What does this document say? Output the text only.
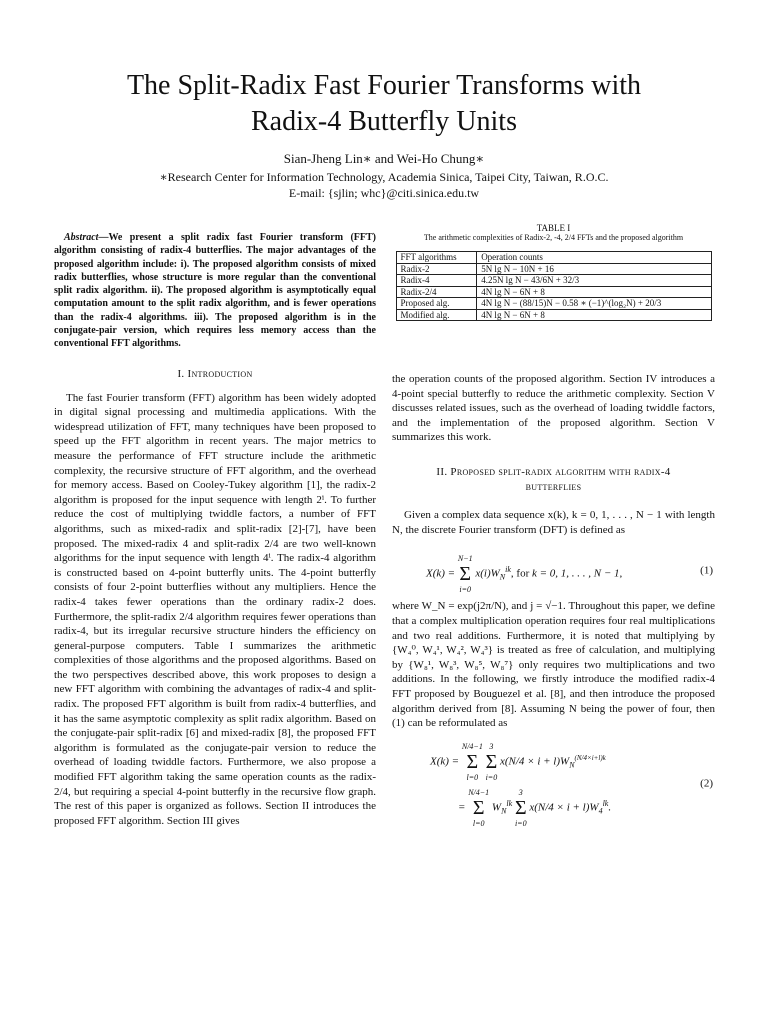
The Split-Radix Fast Fourier Transforms with
Radix-4 Butterfly Units
Sian-Jheng Lin∗ and Wei-Ho Chung∗
∗Research Center for Information Technology, Academia Sinica, Taipei City, Taiwan, R.O.C.
E-mail: {sjlin; whc}@citi.sinica.edu.tw
Abstract—We present a split radix fast Fourier transform (FFT) algorithm consisting of radix-4 butterflies. The major advantages of the proposed algorithm include: i). The proposed algorithm consists of mixed radix butterflies, whose structure is more regular than the conventional split radix algorithm. ii). The proposed algorithm is asymptotically equal computation amount to the split radix algorithm, and is fewer operations than the radix-4 algorithms. iii). The proposed algorithm is in the conjugate-pair version, which requires less memory access than the conventional FFT algorithms.
I. Introduction

The fast Fourier transform (FFT) algorithm has been widely adopted in digital signal processing and multimedia applications. With the widespread utilization of FFT, many techniques have been proposed to speed up the FFT algorithm in recent years. The major metrics to measure the performance of FFT structure include the arithmetic complexity, the recursive structure of FFT algorithm, and the overhead for memory access. Based on Cooley-Tukey algorithm [1], the radix-2 algorithm is proposed for the input sequence with length 2ⁱ. To further reduce the cost of multiplying twiddle factors, a number of FFT algorithms, such as mixed-radix and split-radix [2]-[7], have been proposed. The mixed-radix 4 and split-radix 2/4 are two well-known algorithms for the input sequence with length 4ⁱ. The radix-4 algorithm is constructed based on 4-point butterfly units. The 4-point butterfly consists of four 2-point butterflies without any multipliers. Hence the radix-4 takes fewer operations than the ordinary radix-2 does. Furthermore, the split-radix 2/4 algorithm requires fewer operations than radix-4, but its irregular recursive structure hinders the efficiency on general-purpose computers. Table I summarizes the arithmetic complexities of those algorithms and the proposed algorithms. Based on the two perspectives described above, this work proposes to design a new FFT algorithm with combining the advantages of radix-4 and split-radix. The proposed FFT algorithm is built from radix-4 butterflies, and it has the same asymptotic complexity as split radix algorithm. Based on the conjugate-pair split-radix [6] and mixed-radix [8], the proposed FFT algorithm is formulated as the conjugate-pair version to reduce the overhead of loading twiddle factors. Furthermore, we also propose a modified FFT algorithm taking the same operation counts as the radix-2/4, but requiring a special 4-point butterfly in the recursive flow graph. The rest of this paper is organized as follows. Section II introduces the proposed FFT algorithm. Section III gives

TABLE I
The arithmetic complexities of Radix-2, -4, 2/4 FFTs and the proposed algorithm
FFT algorithms	Operation counts
Radix-2	5N lg N − 10N + 16
Radix-4	4.25N lg N − 43/6N + 32/3
Radix-2/4	4N lg N − 6N + 8
Proposed alg.	4N lg N − (88/15)N − 0.58 ∗ (−1)^(log₂N) + 20/3
Modified alg.	4N lg N − 6N + 8

the operation counts of the proposed algorithm. Section IV introduces a 4-point special butterfly to reduce the arithmetic complexity. Section V discusses related issues, such as the overhead of loading twiddle factors, and the implementation of the proposed algorithm. Section V summarizes this work.

II. Proposed split-radix algorithm with radix-4
butterflies

Given a complex data sequence x(k), k = 0, 1, . . . , N − 1 with length N, the discrete Fourier transform (DFT) is defined as

X(k) = N−1
Σ
i=0 $x(i)W_N^{ik}$, for k = 0, 1, . . . , N − 1,	(1)

where W_N = exp(j2π/N), and j = √−1. Throughout this paper, we define that a complex multiplication operation requires four real multiplications and two real additions. Furthermore, it is noted that multiplying by {W₄⁰, W₄¹, W₄², W₄³} is treated as free of calculation, and multiplying by {W₈¹, W₈³, W₈⁵, W₈⁷} only requires two multiplications and two additions. In the following, we firstly introduce the modified radix-4 FFT proposed by Bouguezel et al. [8], and then introduce the proposed algorithm derived from [8]. Assuming N being the power of four, then (1) can be reformulated as

X(k) = N/4−1
Σ
l=0 3
Σ
i=0 $x(N/4 \times i + l)W_N^{(N/4\times i+l)k}$
= N/4−1
Σ
l=0 $W_N^{lk}$ 3
Σ
i=0 $x(N/4 \times i + l)W_4^{lk}$.
(2)
